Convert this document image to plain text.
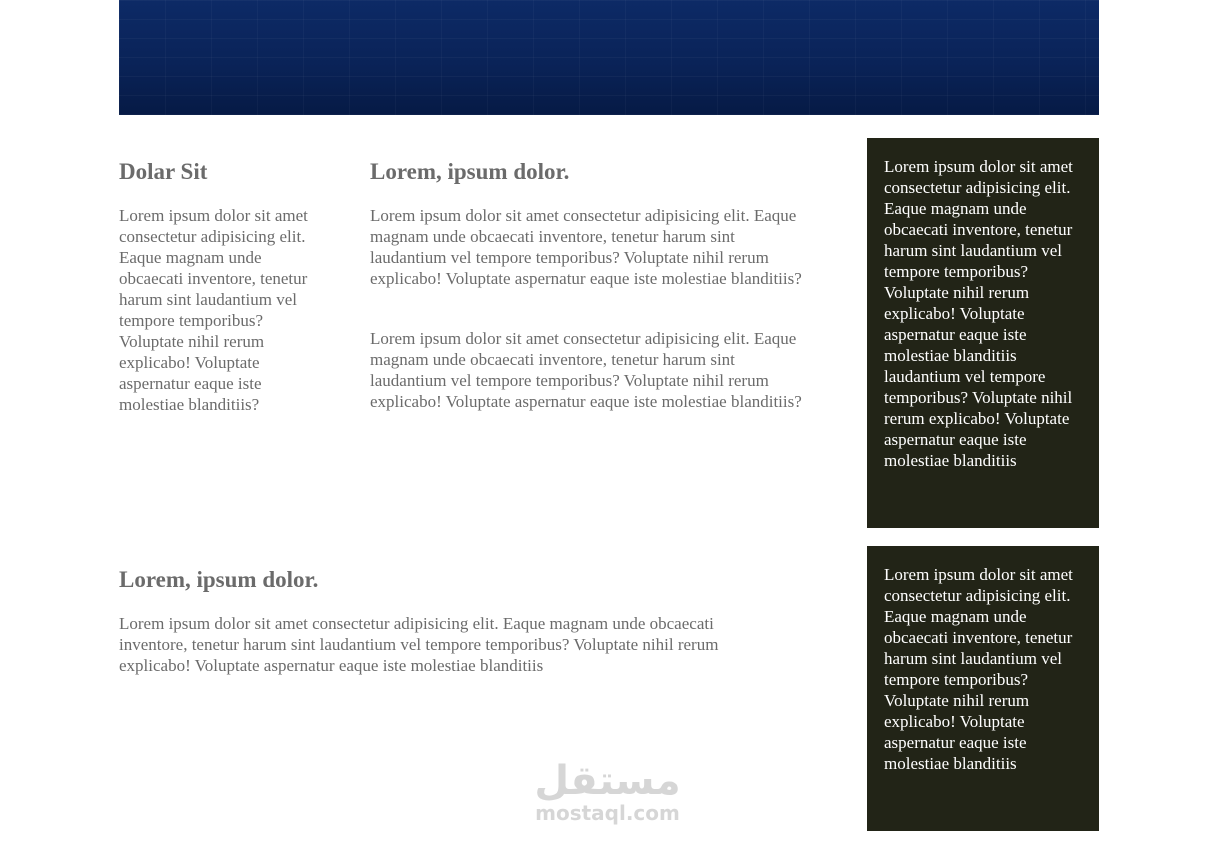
Dolar Sit

Lorem ipsum dolor sit amet consectetur adipisicing elit. Eaque magnam unde obcaecati inventore, tenetur harum sint laudantium vel tempore temporibus? Voluptate nihil rerum explicabo! Voluptate aspernatur eaque iste molestiae blanditiis?

Lorem, ipsum dolor.

Lorem ipsum dolor sit amet consectetur adipisicing elit. Eaque magnam unde obcaecati inventore, tenetur harum sint laudantium vel tempore temporibus? Voluptate nihil rerum explicabo! Voluptate aspernatur eaque iste molestiae blanditiis?

Lorem ipsum dolor sit amet consectetur adipisicing elit. Eaque magnam unde obcaecati inventore, tenetur harum sint laudantium vel tempore temporibus? Voluptate nihil rerum explicabo! Voluptate aspernatur eaque iste molestiae blanditiis?

Lorem ipsum dolor sit amet consectetur adipisicing elit. Eaque magnam unde obcaecati inventore, tenetur harum sint laudantium vel tempore temporibus? Voluptate nihil rerum explicabo! Voluptate aspernatur eaque iste molestiae blanditiis laudantium vel tempore temporibus? Voluptate nihil rerum explicabo! Voluptate aspernatur eaque iste molestiae blanditiis

Lorem, ipsum dolor.

Lorem ipsum dolor sit amet consectetur adipisicing elit. Eaque magnam unde obcaecati inventore, tenetur harum sint laudantium vel tempore temporibus? Voluptate nihil rerum explicabo! Voluptate aspernatur eaque iste molestiae blanditiis

Lorem ipsum dolor sit amet consectetur adipisicing elit. Eaque magnam unde obcaecati inventore, tenetur harum sint laudantium vel tempore temporibus? Voluptate nihil rerum explicabo! Voluptate aspernatur eaque iste molestiae blanditiis

مستقل
mostaql.com
